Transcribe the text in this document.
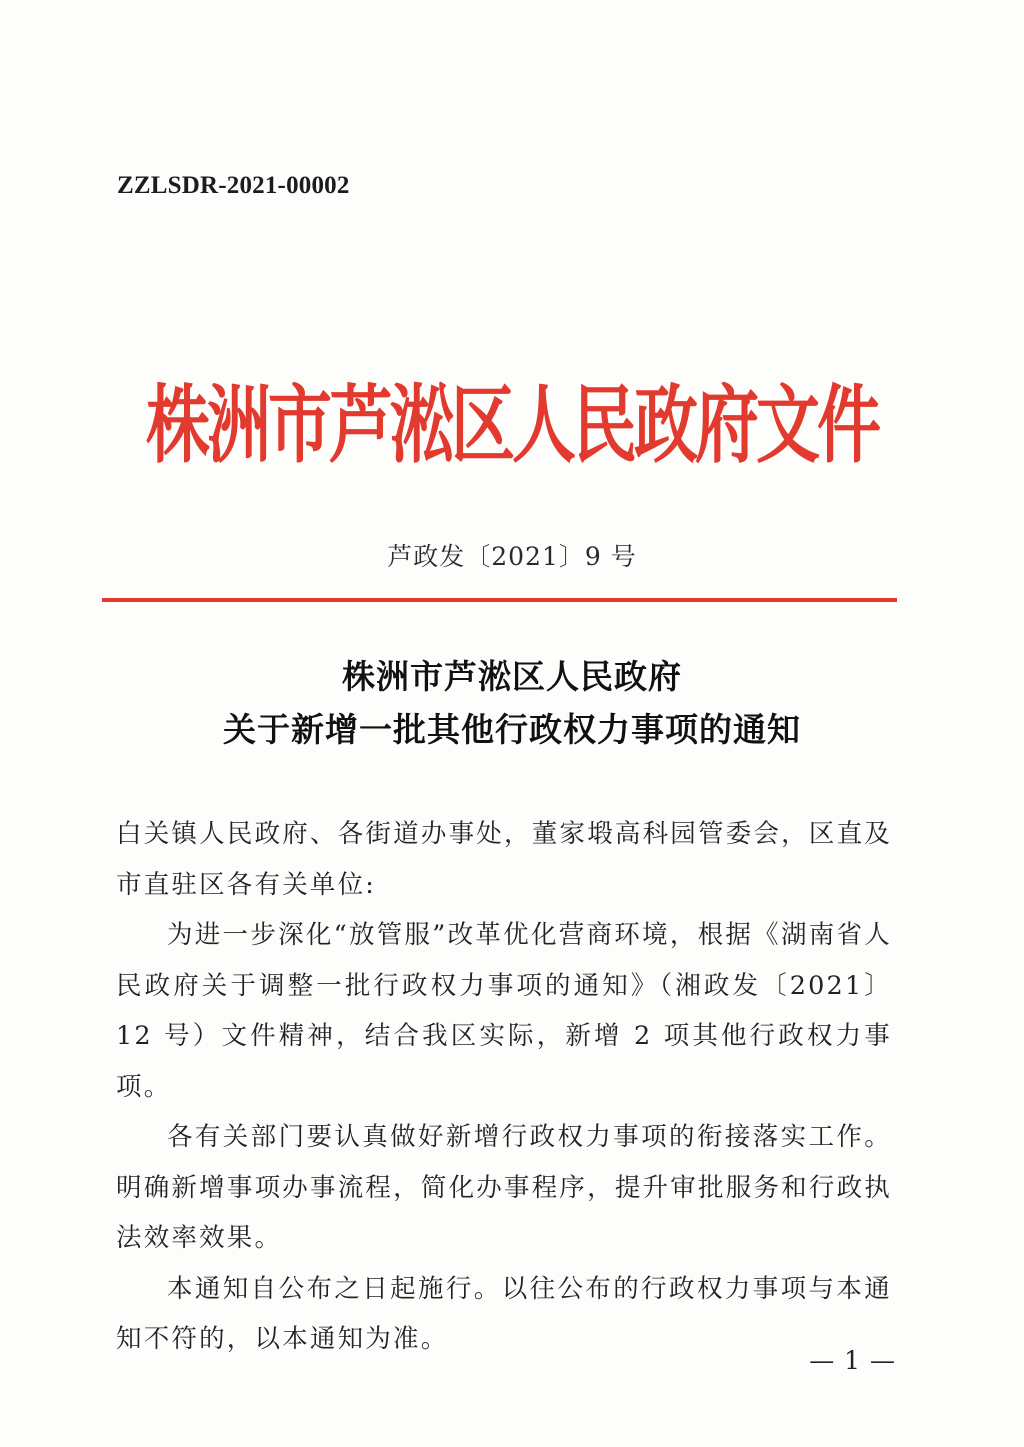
ZZLSDR-2021-00002
株洲市芦淞区人民政府文件
芦政发〔2021〕9 号
株洲市芦淞区人民政府
关于新增一批其他行政权力事项的通知

白关镇人民政府、各街道办事处，董家塅高科园管委会，区直及市直驻区各有关单位:

为进一步深化“放管服”改革优化营商环境，根据《湖南省人民政府关于调整一批行政权力事项的通知》（湘政发〔2021〕12 号）文件精神，结合我区实际，新增 2 项其他行政权力事项。

各有关部门要认真做好新增行政权力事项的衔接落实工作。明确新增事项办事流程，简化办事程序，提升审批服务和行政执法效率效果。

本通知自公布之日起施行。以往公布的行政权力事项与本通知不符的，以本通知为准。

— 1 —
